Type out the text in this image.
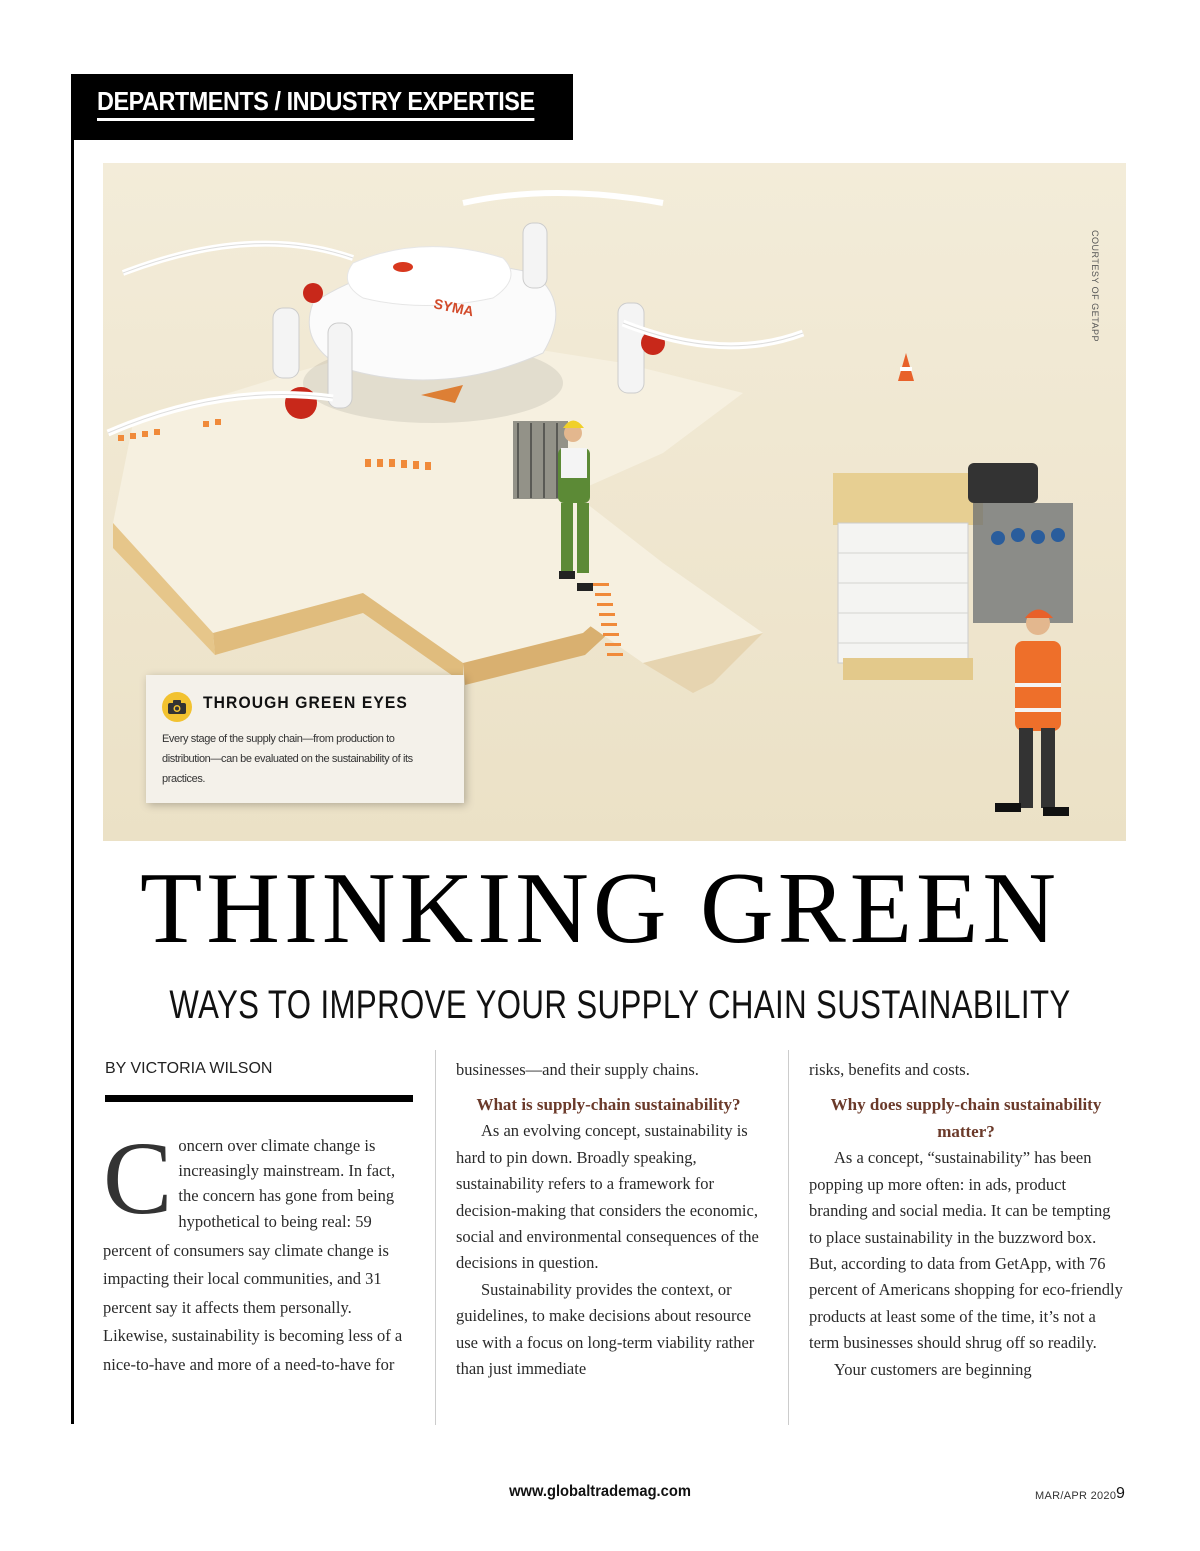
DEPARTMENTS / INDUSTRY EXPERTISE
SYMA	COURTESY OF GETAPP
THROUGH GREEN EYES

Every stage of the supply chain—from production to distribution—can be evaluated on the sustainability of its practices.

THINKING GREEN
WAYS TO IMPROVE YOUR SUPPLY CHAIN SUSTAINABILITY
BY VICTORIA WILSON
C oncern over climate change is increasingly mainstream. In fact, the concern has gone from being

hypothetical to being real: 59 percent of consumers say climate change is impacting their local communities, and 31 percent say it affects them personally. Likewise, sustainability is becoming less of a nice-to-have and more of a need-to-have for

businesses—and their supply chains.

What is supply-chain sustainability?

As an evolving concept, sustainability is hard to pin down. Broadly speaking, sustainability refers to a framework for decision-making that considers the economic, social and environmental consequences of the decisions in question.

Sustainability provides the context, or guidelines, to make decisions about resource use with a focus on long-term viability rather than just immediate

risks, benefits and costs.

Why does supply-chain sustainability matter?

As a concept, “sustainability” has been popping up more often: in ads, product branding and social media. It can be tempting to place sustainability in the buzzword box. But, according to data from GetApp, with 76 percent of Americans shopping for eco-friendly products at least some of the time, it’s not a term businesses should shrug off so readily.

Your customers are beginning

www.globaltrademag.com	MAR/APR 2020 9
